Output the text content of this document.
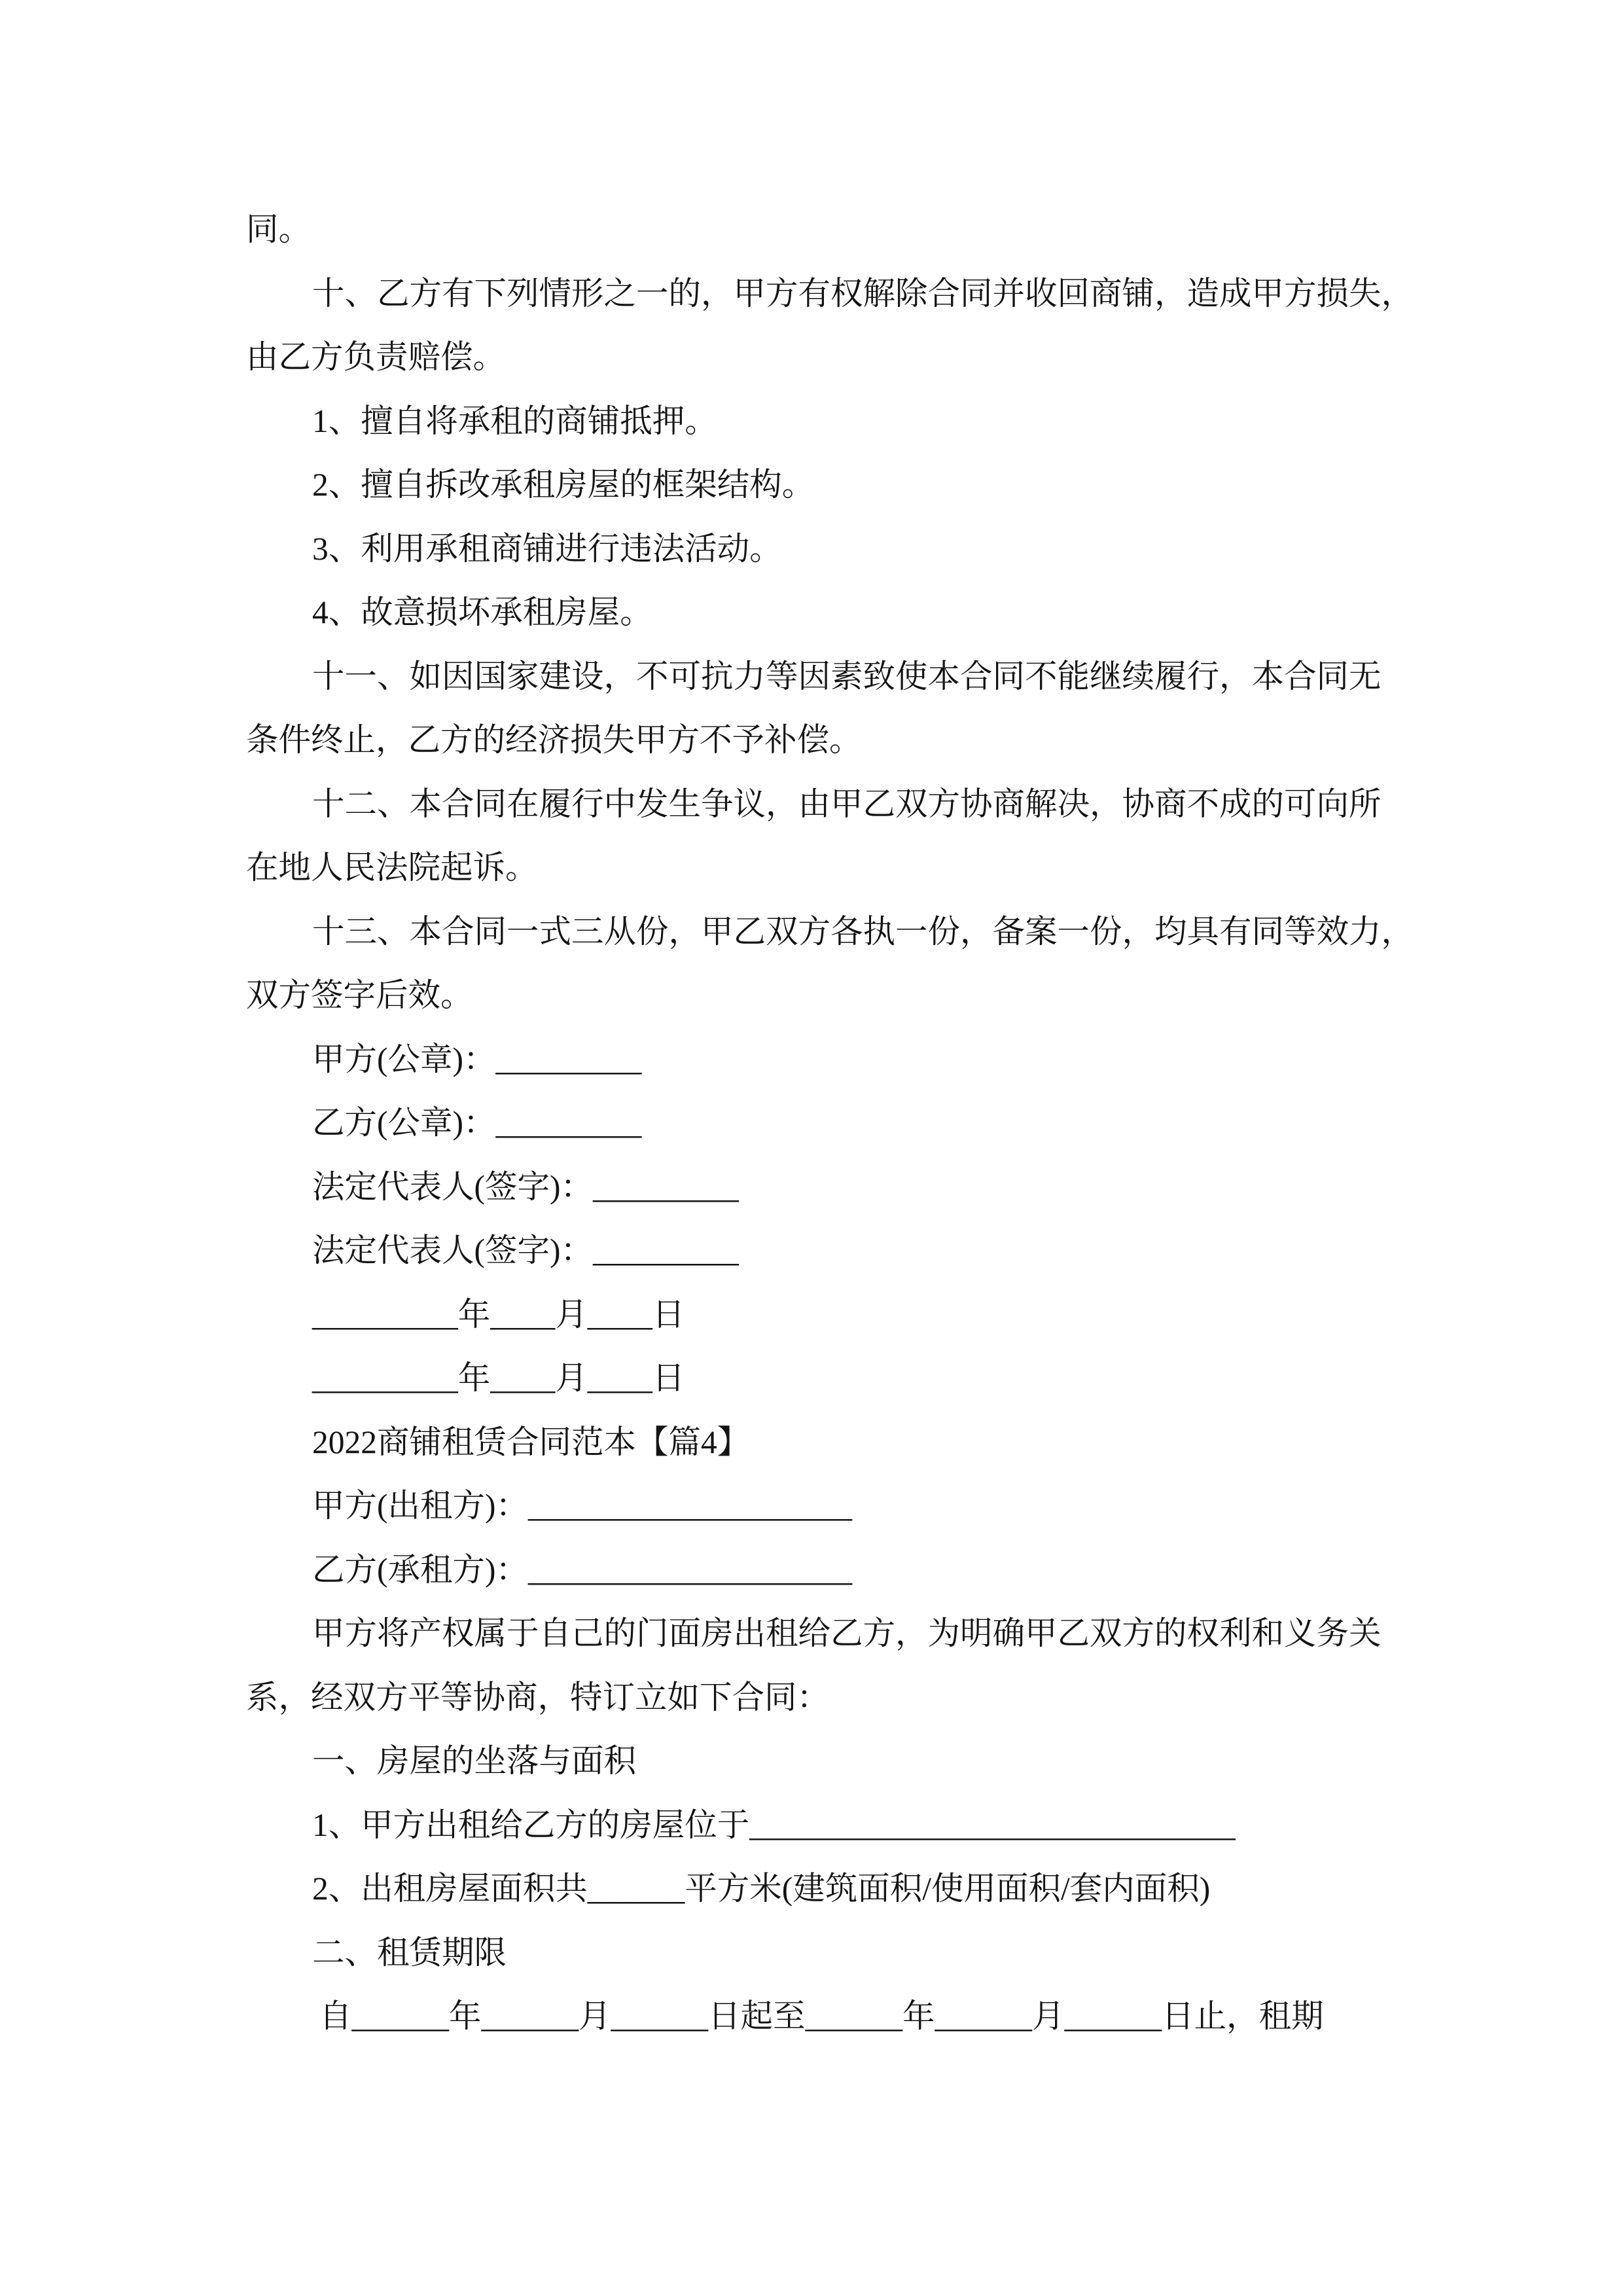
同。
十、乙方有下列情形之一的，甲方有权解除合同并收回商铺，造成甲方损失，
由乙方负责赔偿。
1、擅自将承租的商铺抵押。
2、擅自拆改承租房屋的框架结构。
3、利用承租商铺进行违法活动。
4、故意损坏承租房屋。
十一、如因国家建设，不可抗力等因素致使本合同不能继续履行，本合同无
条件终止，乙方的经济损失甲方不予补偿。
十二、本合同在履行中发生争议，由甲乙双方协商解决，协商不成的可向所
在地人民法院起诉。
十三、本合同一式三从份，甲乙双方各执一份，备案一份，均具有同等效力，
双方签字后效。
甲方(公章)：_________
乙方(公章)：_________
法定代表人(签字)：_________
法定代表人(签字)：_________
_________年____月____日
_________年____月____日
2022商铺租赁合同范本【篇4】
甲方(出租方)：____________________
乙方(承租方)：____________________
甲方将产权属于自己的门面房出租给乙方，为明确甲乙双方的权利和义务关
系，经双方平等协商，特订立如下合同：
一、房屋的坐落与面积
1、甲方出租给乙方的房屋位于______________________________
2、出租房屋面积共______平方米(建筑面积/使用面积/套内面积)
二、租赁期限
自______年______月______日起至______年______月______日止，租期
